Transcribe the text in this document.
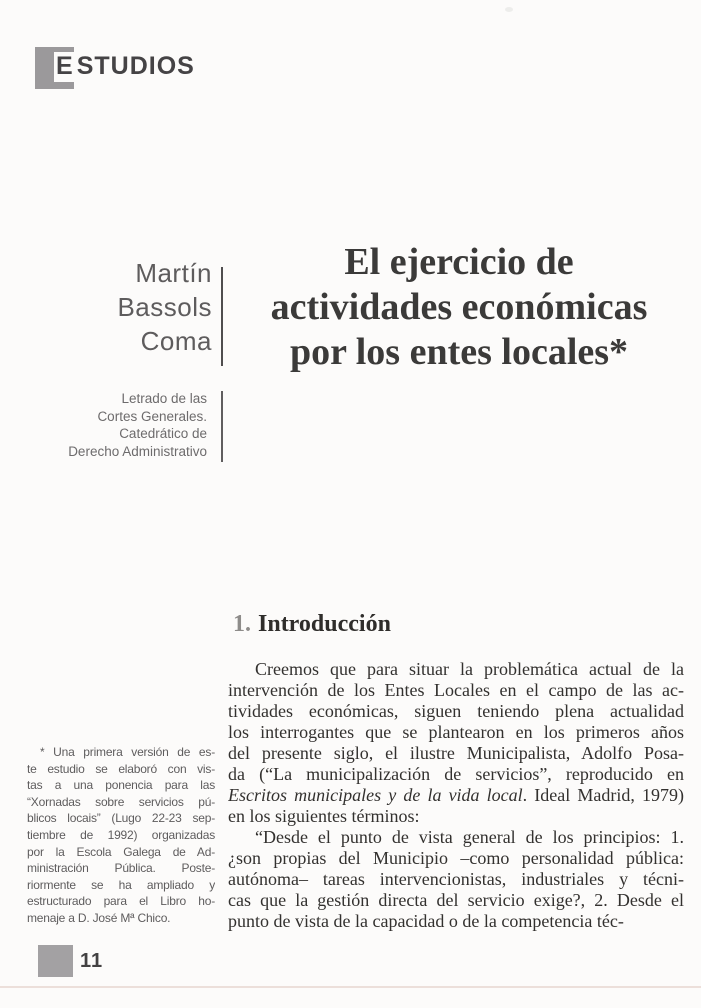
E STUDIOS
Martín
Bassols
Coma
El ejercicio de
actividades económicas
por los entes locales*
Letrado de las
Cortes Generales.
Catedrático de
Derecho Administrativo
1. Introducción
Creemos que para situar la problemática actual de la
intervención de los Entes Locales en el campo de las ac-
tividades económicas, siguen teniendo plena actualidad
los interrogantes que se plantearon en los primeros años
del presente siglo, el ilustre Municipalista, Adolfo Posa-
da (“La municipalización de servicios”, reproducido en
Escritos municipales y de la vida local. Ideal Madrid, 1979)
en los siguientes términos:
“Desde el punto de vista general de los principios: 1.
¿son propias del Municipio –como personalidad pública:
autónoma– tareas intervencionistas, industriales y técni-
cas que la gestión directa del servicio exige?, 2. Desde el
punto de vista de la capacidad o de la competencia téc-
* Una primera versión de es-
te estudio se elaboró con vis-
tas a una ponencia para las
“Xornadas sobre servicios pú-
blicos locais” (Lugo 22-23 sep-
tiembre de 1992) organizadas
por la Escola Galega de Ad-
ministración Pública. Poste-
riormente se ha ampliado y
estructurado para el Libro ho-
menaje a D. José Mª Chico.
11
